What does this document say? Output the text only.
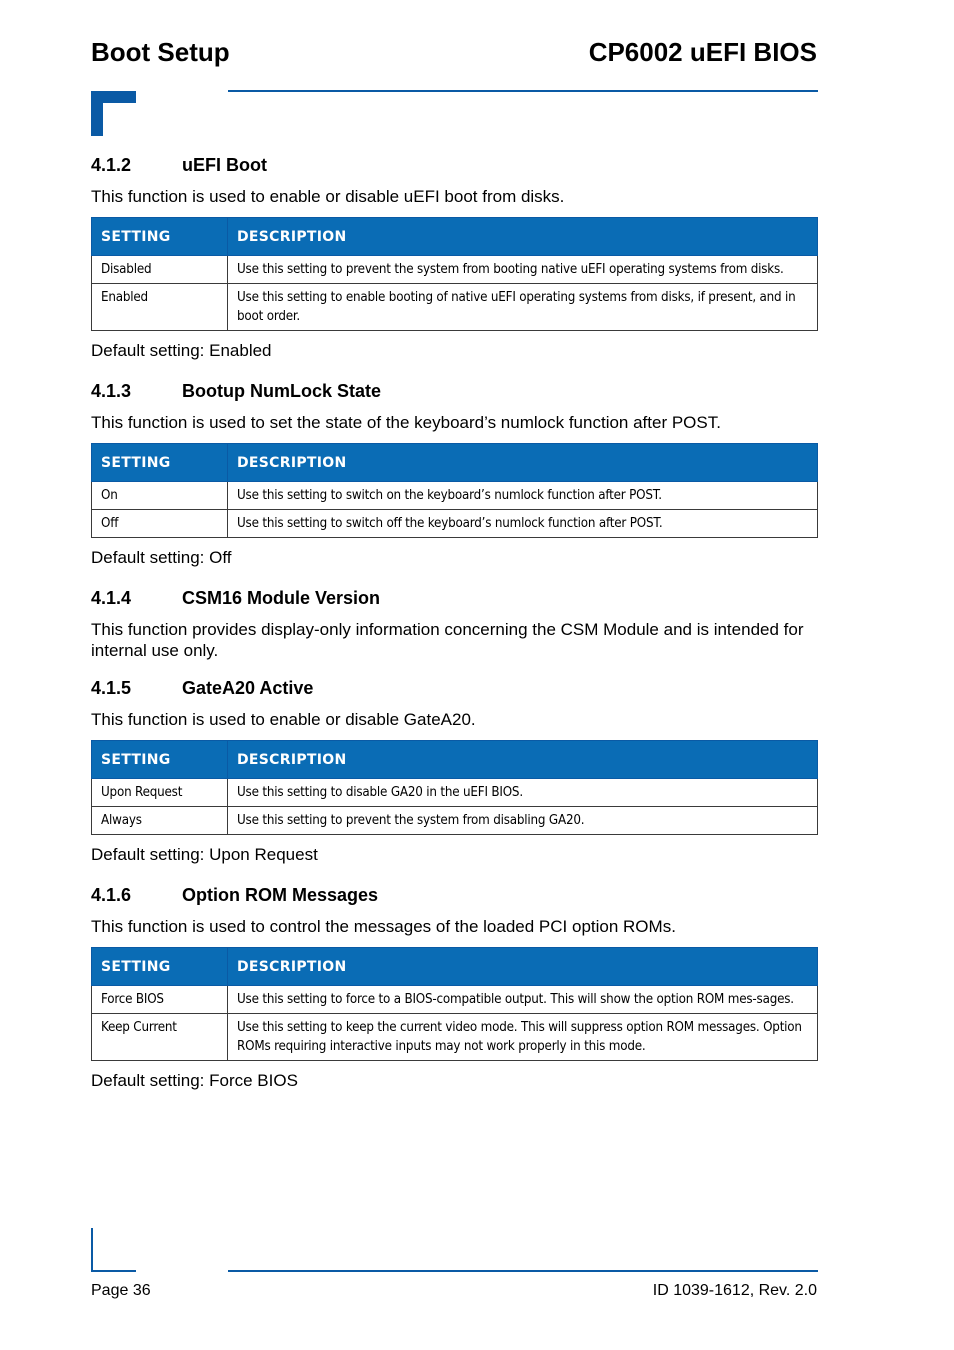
Boot Setup	CP6002 uEFI BIOS
4.1.2	uEFI Boot

This function is used to enable or disable uEFI boot from disks.

SETTING	DESCRIPTION
Disabled	Use this setting to prevent the system from booting native uEFI operating systems from disks.
Enabled	Use this setting to enable booting of native uEFI operating systems from disks, if present, and in boot order.

Default setting: Enabled

4.1.3	Bootup NumLock State

This function is used to set the state of the keyboard’s numlock function after POST.

SETTING	DESCRIPTION
On	Use this setting to switch on the keyboard’s numlock function after POST.
Off	Use this setting to switch off the keyboard’s numlock function after POST.

Default setting: Off

4.1.4	CSM16 Module Version

This function provides display-only information concerning the CSM Module and is intended for internal use only.

4.1.5	GateA20 Active

This function is used to enable or disable GateA20.

SETTING	DESCRIPTION
Upon Request	Use this setting to disable GA20 in the uEFI BIOS.
Always	Use this setting to prevent the system from disabling GA20.

Default setting: Upon Request

4.1.6	Option ROM Messages

This function is used to control the messages of the loaded PCI option ROMs.

SETTING	DESCRIPTION
Force BIOS	Use this setting to force to a BIOS-compatible output. This will show the option ROM mes-sages.
Keep Current	Use this setting to keep the current video mode. This will suppress option ROM messages. Option ROMs requiring interactive inputs may not work properly in this mode.

Default setting: Force BIOS

Page 36	ID 1039-1612, Rev. 2.0
